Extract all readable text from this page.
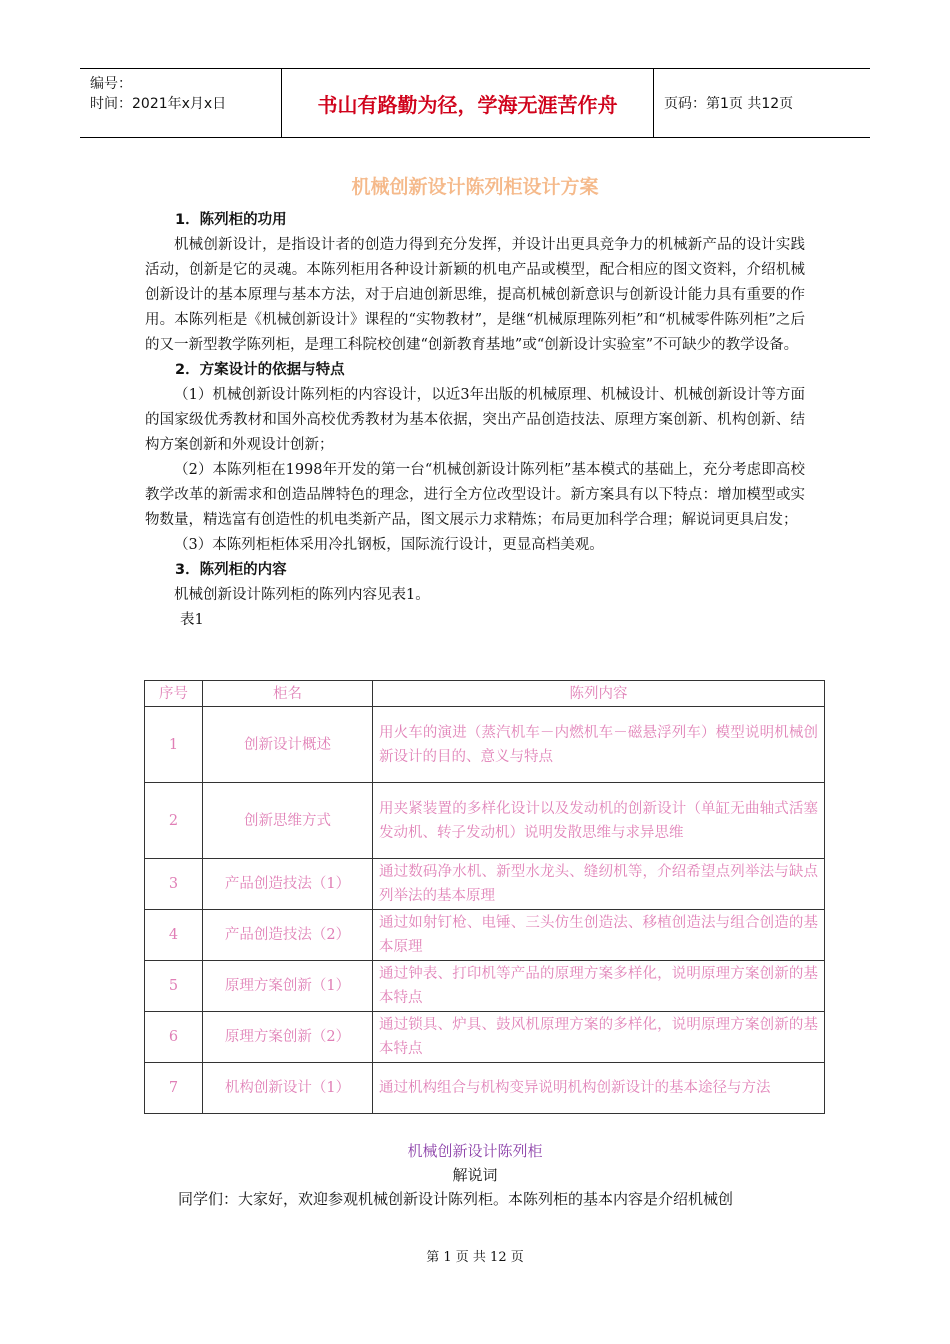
编号：
时间：2021年x月x日	书山有路勤为径，学海无涯苦作舟	页码：第1页 共12页
机械创新设计陈列柜设计方案
1．陈列柜的功用

机械创新设计，是指设计者的创造力得到充分发挥，并设计出更具竞争力的机械新产品的设计实践活动，创新是它的灵魂。本陈列柜用各种设计新颖的机电产品或模型，配合相应的图文资料，介绍机械创新设计的基本原理与基本方法，对于启迪创新思维，提高机械创新意识与创新设计能力具有重要的作用。本陈列柜是《机械创新设计》课程的“实物教材”，是继“机械原理陈列柜”和“机械零件陈列柜”之后的又一新型教学陈列柜，是理工科院校创建“创新教育基地”或“创新设计实验室”不可缺少的教学设备。

2．方案设计的依据与特点

（1）机械创新设计陈列柜的内容设计，以近3年出版的机械原理、机械设计、机械创新设计等方面的国家级优秀教材和国外高校优秀教材为基本依据，突出产品创造技法、原理方案创新、机构创新、结构方案创新和外观设计创新；

（2）本陈列柜在1998年开发的第一台“机械创新设计陈列柜”基本模式的基础上，充分考虑即高校教学改革的新需求和创造品牌特色的理念，进行全方位改型设计。新方案具有以下特点：增加模型或实物数量，精选富有创造性的机电类新产品，图文展示力求精炼；布局更加科学合理；解说词更具启发；

（3）本陈列柜柜体采用冷扎钢板，国际流行设计，更显高档美观。

3．陈列柜的内容

机械创新设计陈列柜的陈列内容见表1。

表1
序号	柜名	陈列内容
1	创新设计概述	用火车的演进（蒸汽机车－内燃机车－磁悬浮列车）模型说明机械创新设计的目的、意义与特点
2	创新思维方式	用夹紧装置的多样化设计以及发动机的创新设计（单缸无曲轴式活塞发动机、转子发动机）说明发散思维与求异思维
3	产品创造技法（1）	通过数码净水机、新型水龙头、缝纫机等，介绍希望点列举法与缺点列举法的基本原理
4	产品创造技法（2）	通过如射钉枪、电锤、三头仿生创造法、移植创造法与组合创造的基本原理
5	原理方案创新（1）	通过钟表、打印机等产品的原理方案多样化，说明原理方案创新的基本特点
6	原理方案创新（2）	通过锁具、炉具、鼓风机原理方案的多样化，说明原理方案创新的基本特点
7	机构创新设计（1）	通过机构组合与机构变异说明机构创新设计的基本途径与方法
机械创新设计陈列柜
解说词
同学们：大家好，欢迎参观机械创新设计陈列柜。本陈列柜的基本内容是介绍机械创
第 1 页 共 12 页
